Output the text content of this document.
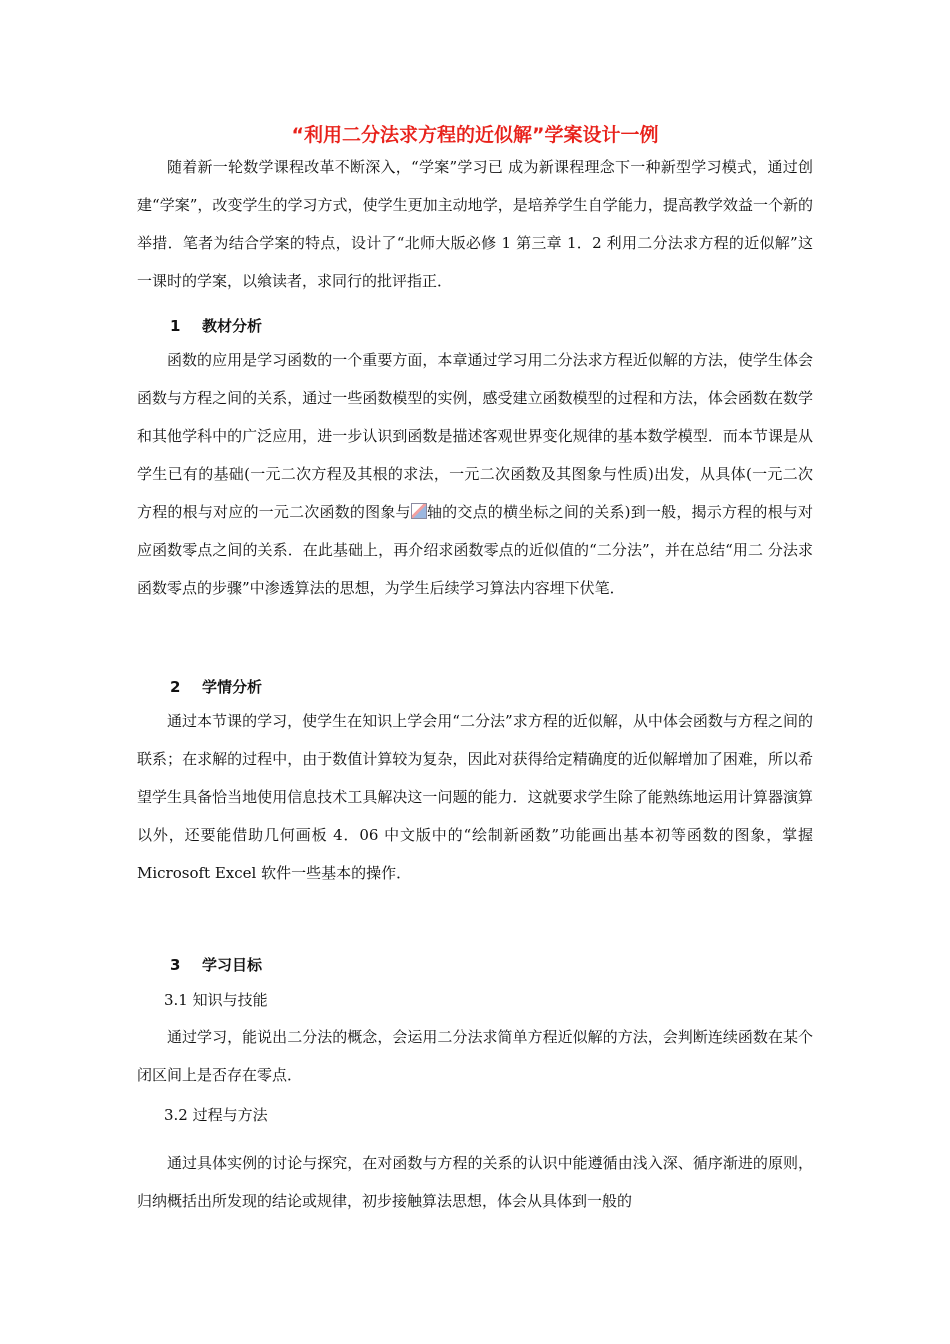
“利用二分法求方程的近似解”学案设计一例

随着新一轮数学课程改革不断深入，“学案”学习已 成为新课程理念下一种新型学习模式，通过创建“学案”，改变学生的学习方式，使学生更加主动地学，是培养学生自学能力，提高教学效益一个新的举措．笔者为结合学案的特点，设计了“北师大版必修 1 第三章 1．2 利用二分法求方程的近似解”这一课时的学案，以飨读者，求同行的批评指正．

1 教材分析

函数的应用是学习函数的一个重要方面，本章通过学习用二分法求方程近似解的方法，使学生体会函数与方程之间的关系，通过一些函数模型的实例，感受建立函数模型的过程和方法，体会函数在数学和其他学科中的广泛应用，进一步认识到函数是描述客观世界变化规律的基本数学模型．而本节课是从学生已有的基础(一元二次方程及其根的求法，一元二次函数及其图象与性质)出发，从具体(一元二次方程的根与对应的一元二次函数的图象与 轴的交点的横坐标之间的关系)到一般，揭示方程的根与对应函数零点之间的关系．在此基础上，再介绍求函数零点的近似值的“二分法”，并在总结“用二 分法求函数零点的步骤”中渗透算法的思想，为学生后续学习算法内容埋下伏笔．

2 学情分析

通过本节课的学习，使学生在知识上学会用“二分法”求方程的近似解，从中体会函数与方程之间的联系；在求解的过程中，由于数值计算较为复杂，因此对获得给定精确度的近似解增加了困难，所以希望学生具备恰当地使用信息技术工具解决这一问题的能力．这就要求学生除了能熟练地运用计算器演算以外，还要能借助几何画板 4．06 中文版中的“绘制新函数”功能画出基本初等函数的图象，掌握 Microsoft Excel 软件一些基本的操作．

3 学习目标
3.1 知识与技能

通过学习，能说出二分法的概念，会运用二分法求简单方程近似解的方法，会判断连续函数在某个闭区间上是否存在零点．

3.2 过程与方法

通过具体实例的讨论与探究，在对函数与方程的关系的认识中能遵循由浅入深、循序渐进的原则，归纳概括出所发现的结论或规律，初步接触算法思想，体会从具体到一般的
